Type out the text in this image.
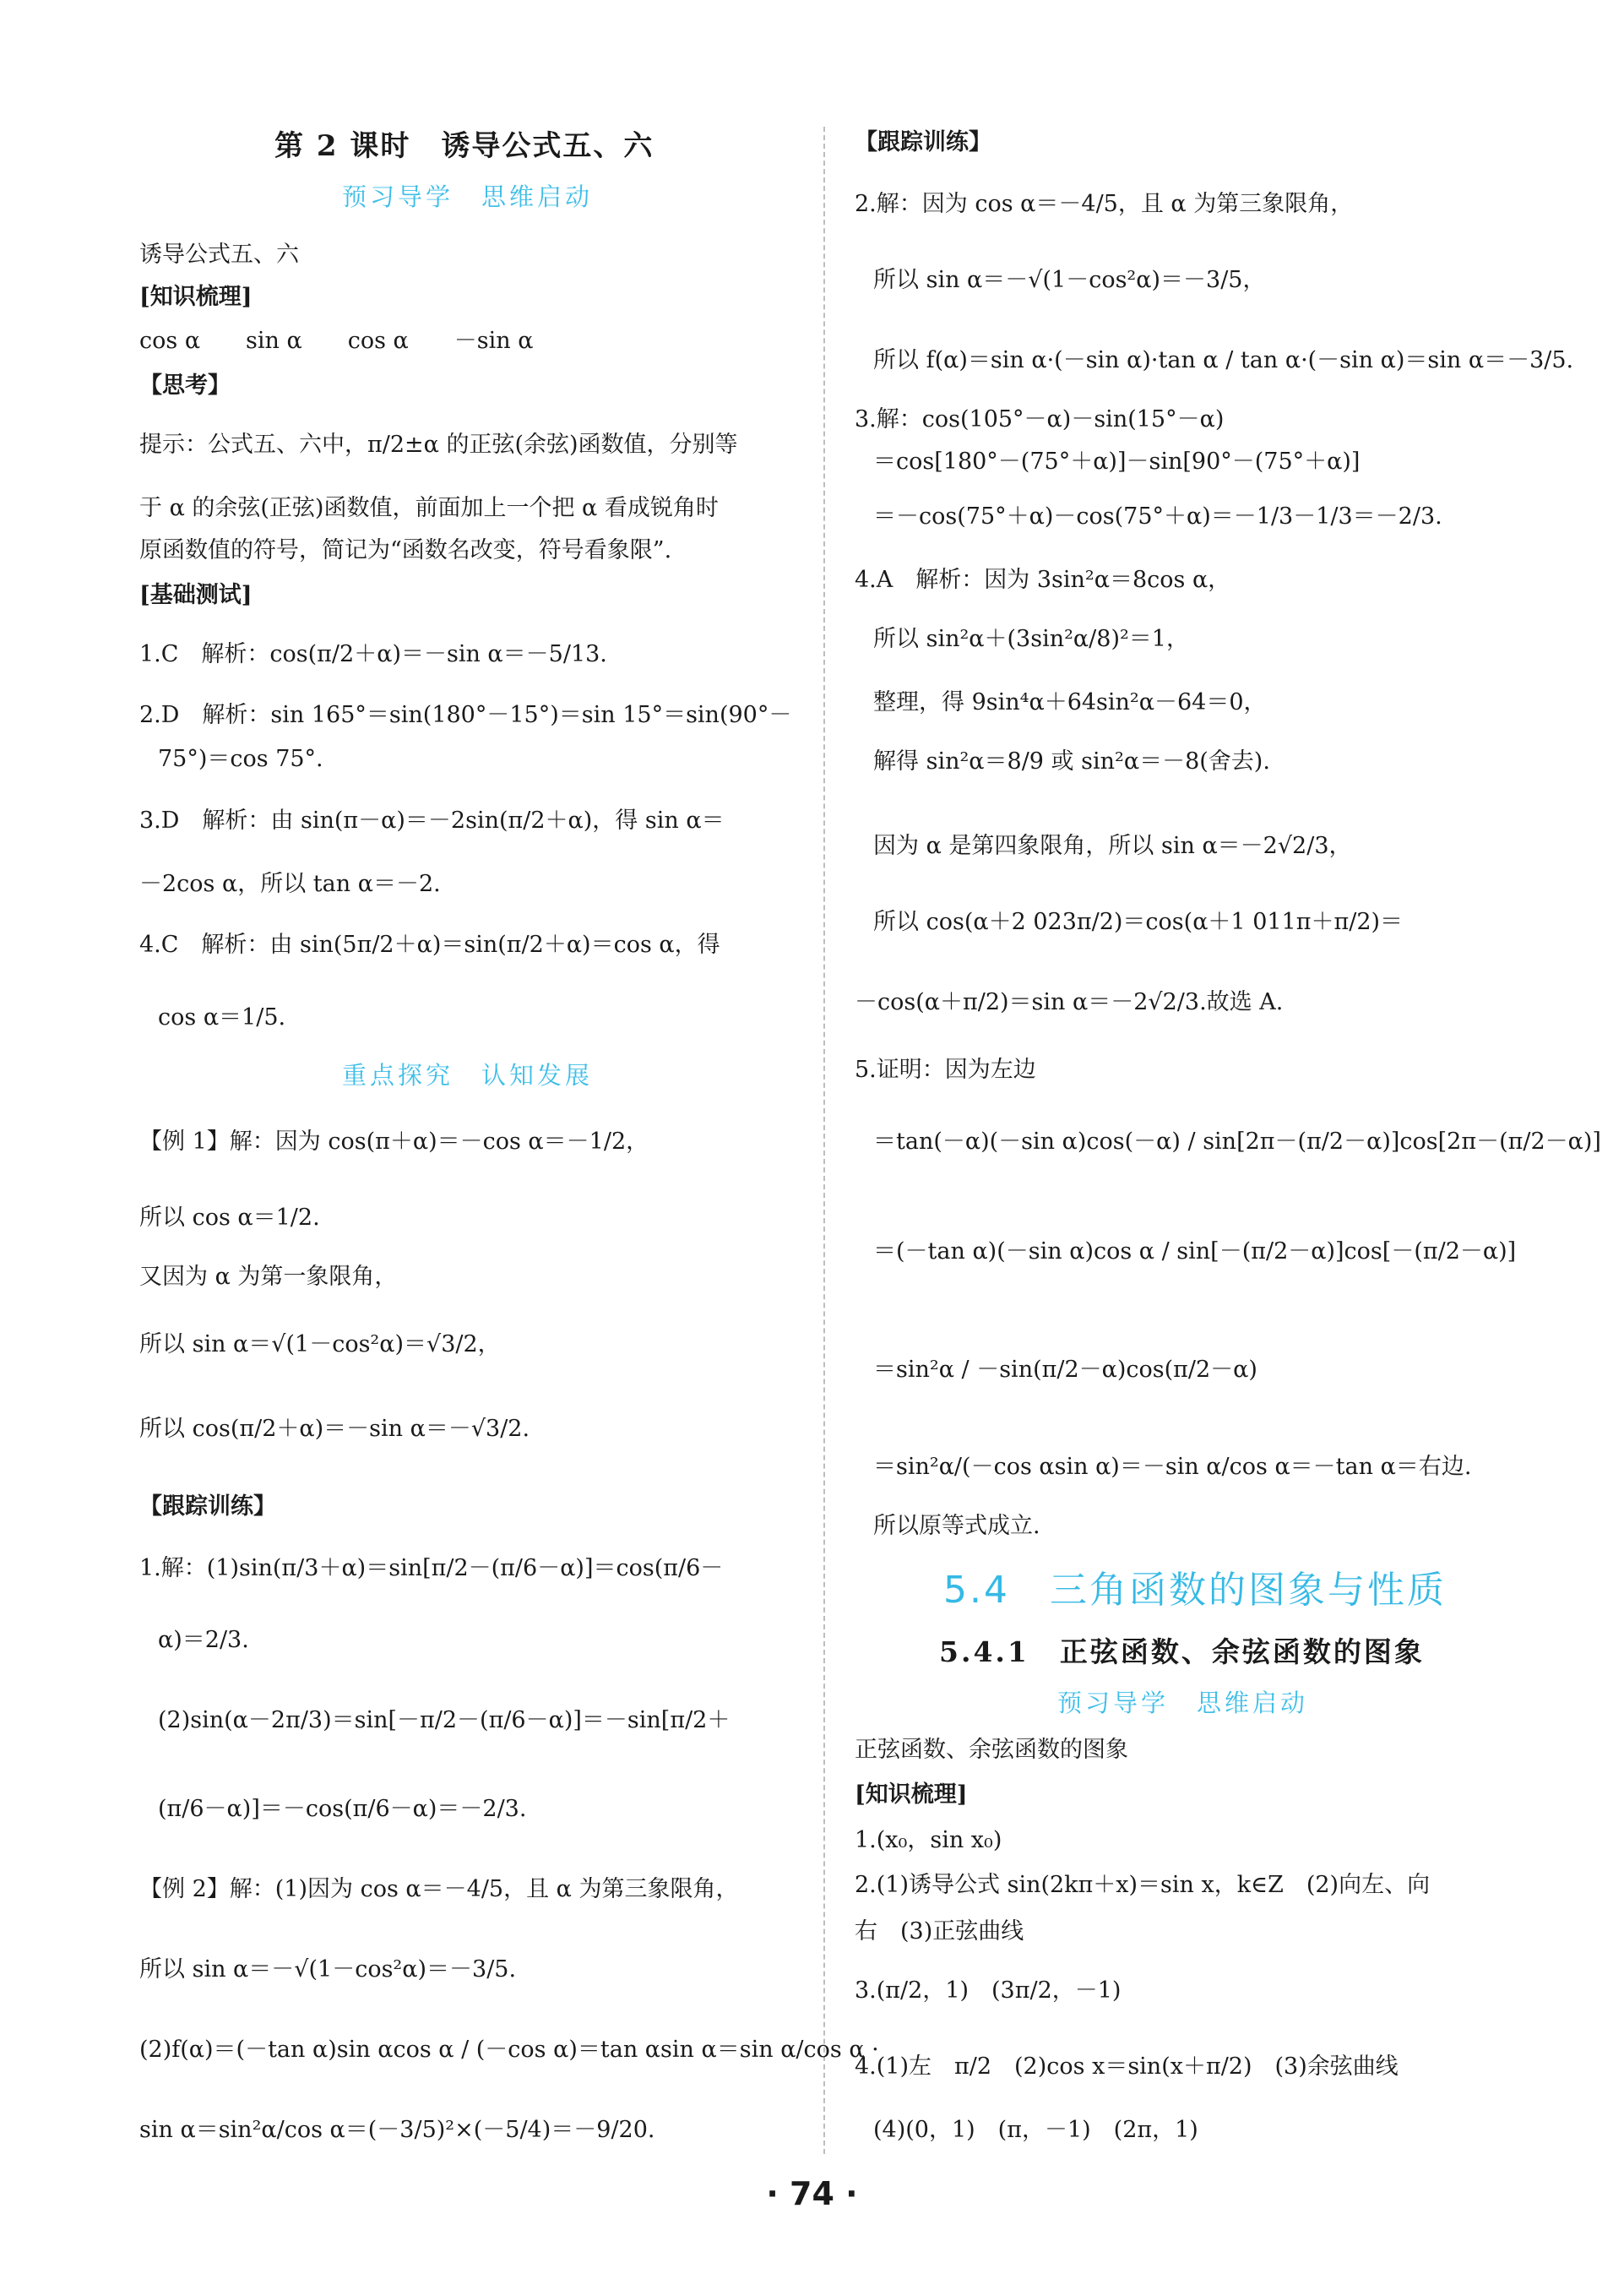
第 2 课时　诱导公式五、六
预习导学　思维启动
诱导公式五、六
[知识梳理]
cos α　　sin α　　cos α　　－sin α
【思考】
提示：公式五、六中，π/2±α 的正弦(余弦)函数值，分别等
于 α 的余弦(正弦)函数值，前面加上一个把 α 看成锐角时
原函数值的符号，简记为“函数名改变，符号看象限”.
[基础测试]
1.C　解析：cos(π/2＋α)＝－sin α＝－5/13.
2.D　解析：sin 165°＝sin(180°－15°)＝sin 15°＝sin(90°－
75°)＝cos 75°.
3.D　解析：由 sin(π－α)＝－2sin(π/2＋α)，得 sin α＝
－2cos α，所以 tan α＝－2.
4.C　解析：由 sin(5π/2＋α)＝sin(π/2＋α)＝cos α，得
cos α＝1/5.
重点探究　认知发展
【例 1】解：因为 cos(π＋α)＝－cos α＝－1/2，
所以 cos α＝1/2.
又因为 α 为第一象限角，
所以 sin α＝√(1－cos²α)＝√3/2，
所以 cos(π/2＋α)＝－sin α＝－√3/2.
【跟踪训练】
1.解：(1)sin(π/3＋α)＝sin[π/2－(π/6－α)]＝cos(π/6－
α)＝2/3.
(2)sin(α－2π/3)＝sin[－π/2－(π/6－α)]＝－sin[π/2＋
(π/6－α)]＝－cos(π/6－α)＝－2/3.
【例 2】解：(1)因为 cos α＝－4/5，且 α 为第三象限角，
所以 sin α＝－√(1－cos²α)＝－3/5.
(2)f(α)＝(－tan α)sin αcos α / (－cos α)＝tan αsin α＝sin α/cos α ·
sin α＝sin²α/cos α＝(－3/5)²×(－5/4)＝－9/20.
【跟踪训练】
2.解：因为 cos α＝－4/5，且 α 为第三象限角，
所以 sin α＝－√(1－cos²α)＝－3/5，
所以 f(α)＝sin α·(－sin α)·tan α / tan α·(－sin α)＝sin α＝－3/5.
3.解：cos(105°－α)－sin(15°－α)
＝cos[180°－(75°＋α)]－sin[90°－(75°＋α)]
＝－cos(75°＋α)－cos(75°＋α)＝－1/3－1/3＝－2/3.
4.A　解析：因为 3sin²α＝8cos α，
所以 sin²α＋(3sin²α/8)²＝1，
整理，得 9sin⁴α＋64sin²α－64＝0，
解得 sin²α＝8/9 或 sin²α＝－8(舍去).
因为 α 是第四象限角，所以 sin α＝－2√2/3，
所以 cos(α＋2 023π/2)＝cos(α＋1 011π＋π/2)＝
－cos(α＋π/2)＝sin α＝－2√2/3.故选 A.
5.证明：因为左边
＝tan(－α)(－sin α)cos(－α) / sin[2π－(π/2－α)]cos[2π－(π/2－α)]
＝(－tan α)(－sin α)cos α / sin[－(π/2－α)]cos[－(π/2－α)]
＝sin²α / －sin(π/2－α)cos(π/2－α)
＝sin²α/(－cos αsin α)＝－sin α/cos α＝－tan α＝右边.
所以原等式成立.
5.4　三角函数的图象与性质
5.4.1　正弦函数、余弦函数的图象
预习导学　思维启动
正弦函数、余弦函数的图象
[知识梳理]
1.(x₀，sin x₀)
2.(1)诱导公式 sin(2kπ＋x)＝sin x，k∈Z　(2)向左、向
右　(3)正弦曲线
3.(π/2，1)　(3π/2，－1)
4.(1)左　π/2　(2)cos x＝sin(x＋π/2)　(3)余弦曲线
(4)(0，1)　(π，－1)　(2π，1)
· 74 ·
